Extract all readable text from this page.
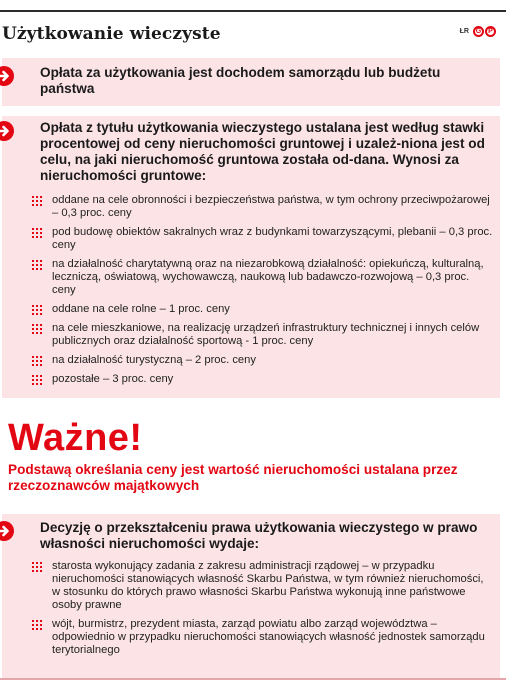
Użytkowanie wieczyste	ŁR G P
Opłata za użytkowania jest dochodem samorządu lub budżetu państwa
Opłata z tytułu użytkowania wieczystego ustalana jest według stawki procentowej od ceny nieruchomości gruntowej i uzależ-niona jest od celu, na jaki nieruchomość gruntowa została od-dana. Wynosi za nieruchomości gruntowe:
oddane na cele obronności i bezpieczeństwa państwa, w tym ochrony przeciwpożarowej – 0,3 proc. ceny
pod budowę obiektów sakralnych wraz z budynkami towarzyszącymi, plebanii – 0,3 proc. ceny
na działalność charytatywną oraz na niezarobkową działalność: opiekuńczą, kulturalną, leczniczą, oświatową, wychowawczą, naukową lub badawczo-rozwojową – 0,3 proc. ceny
oddane na cele rolne – 1 proc. ceny
na cele mieszkaniowe, na realizację urządzeń infrastruktury technicznej i innych celów publicznych oraz działalność sportową - 1 proc. ceny
na działalność turystyczną – 2 proc. ceny
pozostałe – 3 proc. ceny
Ważne!
Podstawą określania ceny jest wartość nieruchomości ustalana przez rzeczoznawców majątkowych
Decyzję o przekształceniu prawa użytkowania wieczystego w prawo własności nieruchomości wydaje:
starosta wykonujący zadania z zakresu administracji rządowej – w przypadku nieruchomości stanowiących własność Skarbu Państwa, w tym również nieruchomości, w stosunku do których prawo własności Skarbu Państwa wykonują inne państwowe osoby prawne
wójt, burmistrz, prezydent miasta, zarząd powiatu albo zarząd województwa – odpowiednio w przypadku nieruchomości stanowiących własność jednostek samorządu terytorialnego
